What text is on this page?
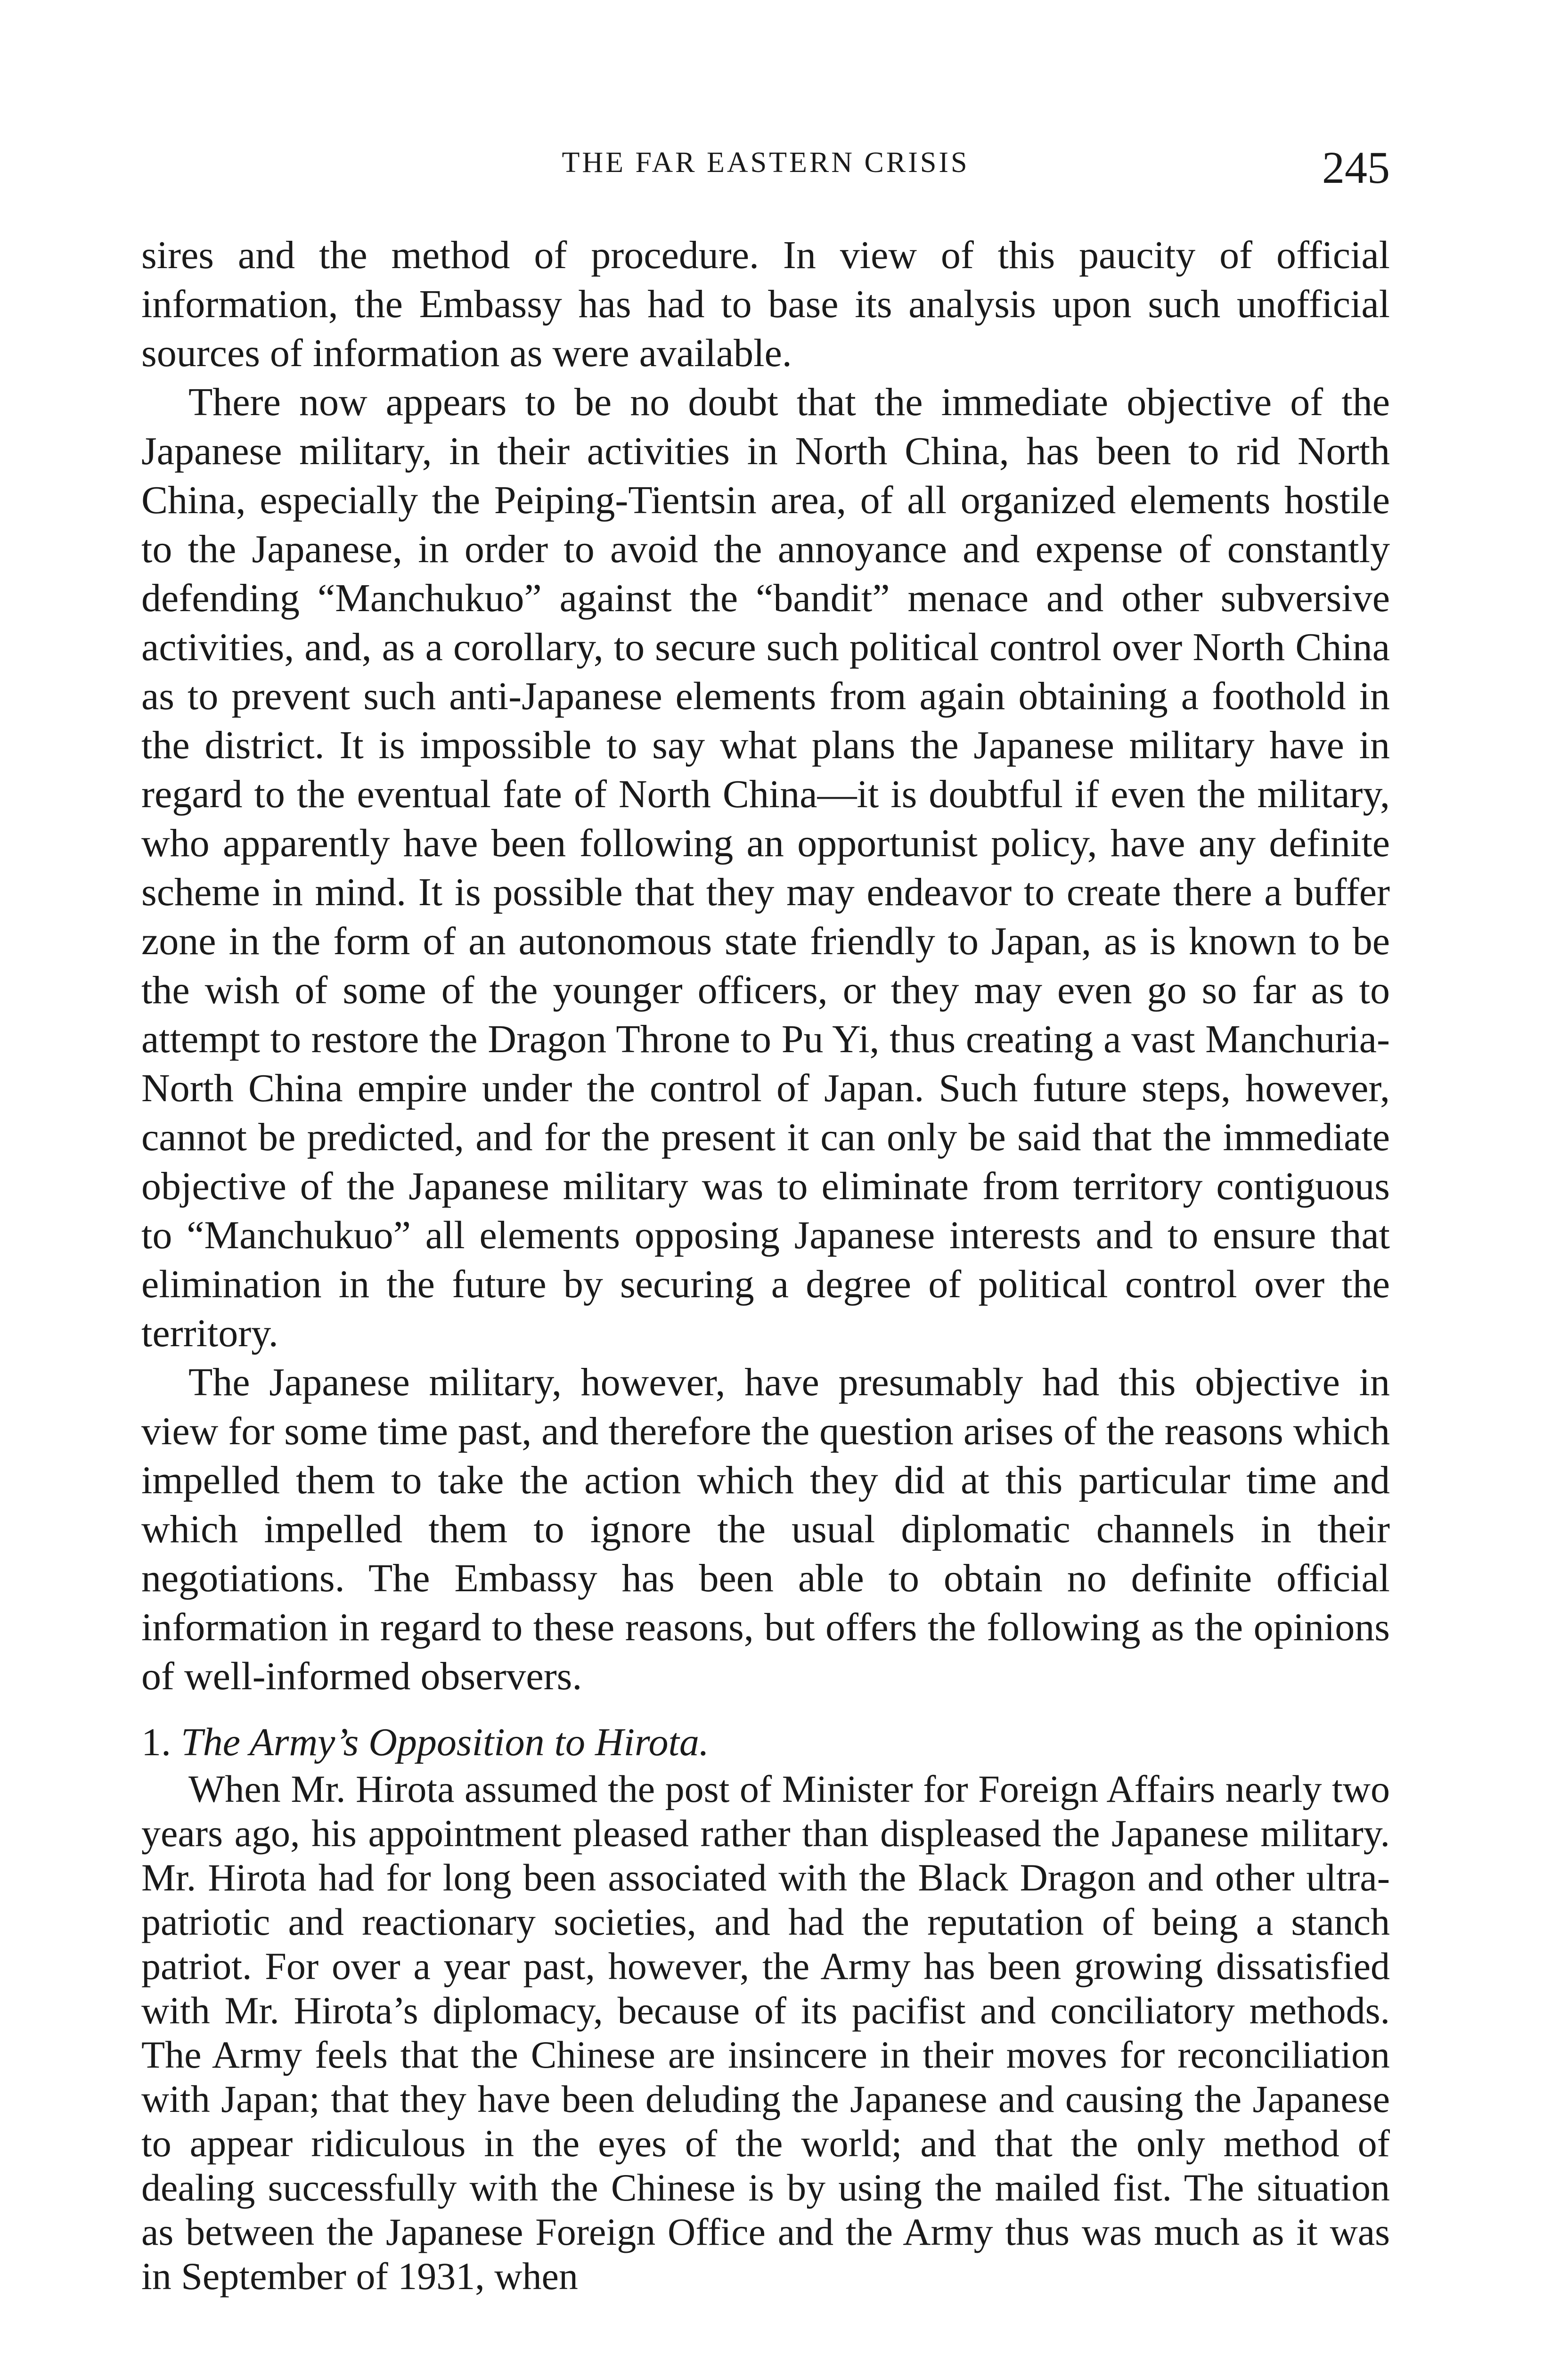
THE FAR EASTERN CRISIS	245

sires and the method of procedure. In view of this paucity of official information, the Embassy has had to base its analysis upon such unofficial sources of information as were available.

There now appears to be no doubt that the immediate objective of the Japanese military, in their activities in North China, has been to rid North China, especially the Peiping-Tientsin area, of all organized elements hostile to the Japanese, in order to avoid the annoyance and expense of constantly defending “Manchukuo” against the “bandit” menace and other subversive activities, and, as a corollary, to secure such political control over North China as to prevent such anti-Japanese elements from again obtaining a foothold in the district. It is impossible to say what plans the Japanese military have in regard to the eventual fate of North China—it is doubtful if even the military, who apparently have been following an opportunist policy, have any definite scheme in mind. It is possible that they may endeavor to create there a buffer zone in the form of an autonomous state friendly to Japan, as is known to be the wish of some of the younger officers, or they may even go so far as to attempt to restore the Dragon Throne to Pu Yi, thus creating a vast Manchuria-North China empire under the control of Japan. Such future steps, however, cannot be predicted, and for the present it can only be said that the immediate objective of the Japanese military was to eliminate from territory contiguous to “Manchukuo” all elements opposing Japanese interests and to ensure that elimination in the future by securing a degree of political control over the territory.

The Japanese military, however, have presumably had this objective in view for some time past, and therefore the question arises of the reasons which impelled them to take the action which they did at this particular time and which impelled them to ignore the usual diplomatic channels in their negotiations. The Embassy has been able to obtain no definite official information in regard to these reasons, but offers the following as the opinions of well-informed observers.

1. The Army’s Opposition to Hirota.

When Mr. Hirota assumed the post of Minister for Foreign Affairs nearly two years ago, his appointment pleased rather than displeased the Japanese military. Mr. Hirota had for long been associated with the Black Dragon and other ultra-patriotic and reactionary societies, and had the reputation of being a stanch patriot. For over a year past, however, the Army has been growing dissatisfied with Mr. Hirota’s diplomacy, because of its pacifist and conciliatory methods. The Army feels that the Chinese are insincere in their moves for reconciliation with Japan; that they have been deluding the Japanese and causing the Japanese to appear ridiculous in the eyes of the world; and that the only method of dealing successfully with the Chinese is by using the mailed fist. The situation as between the Japanese Foreign Office and the Army thus was much as it was in September of 1931, when
